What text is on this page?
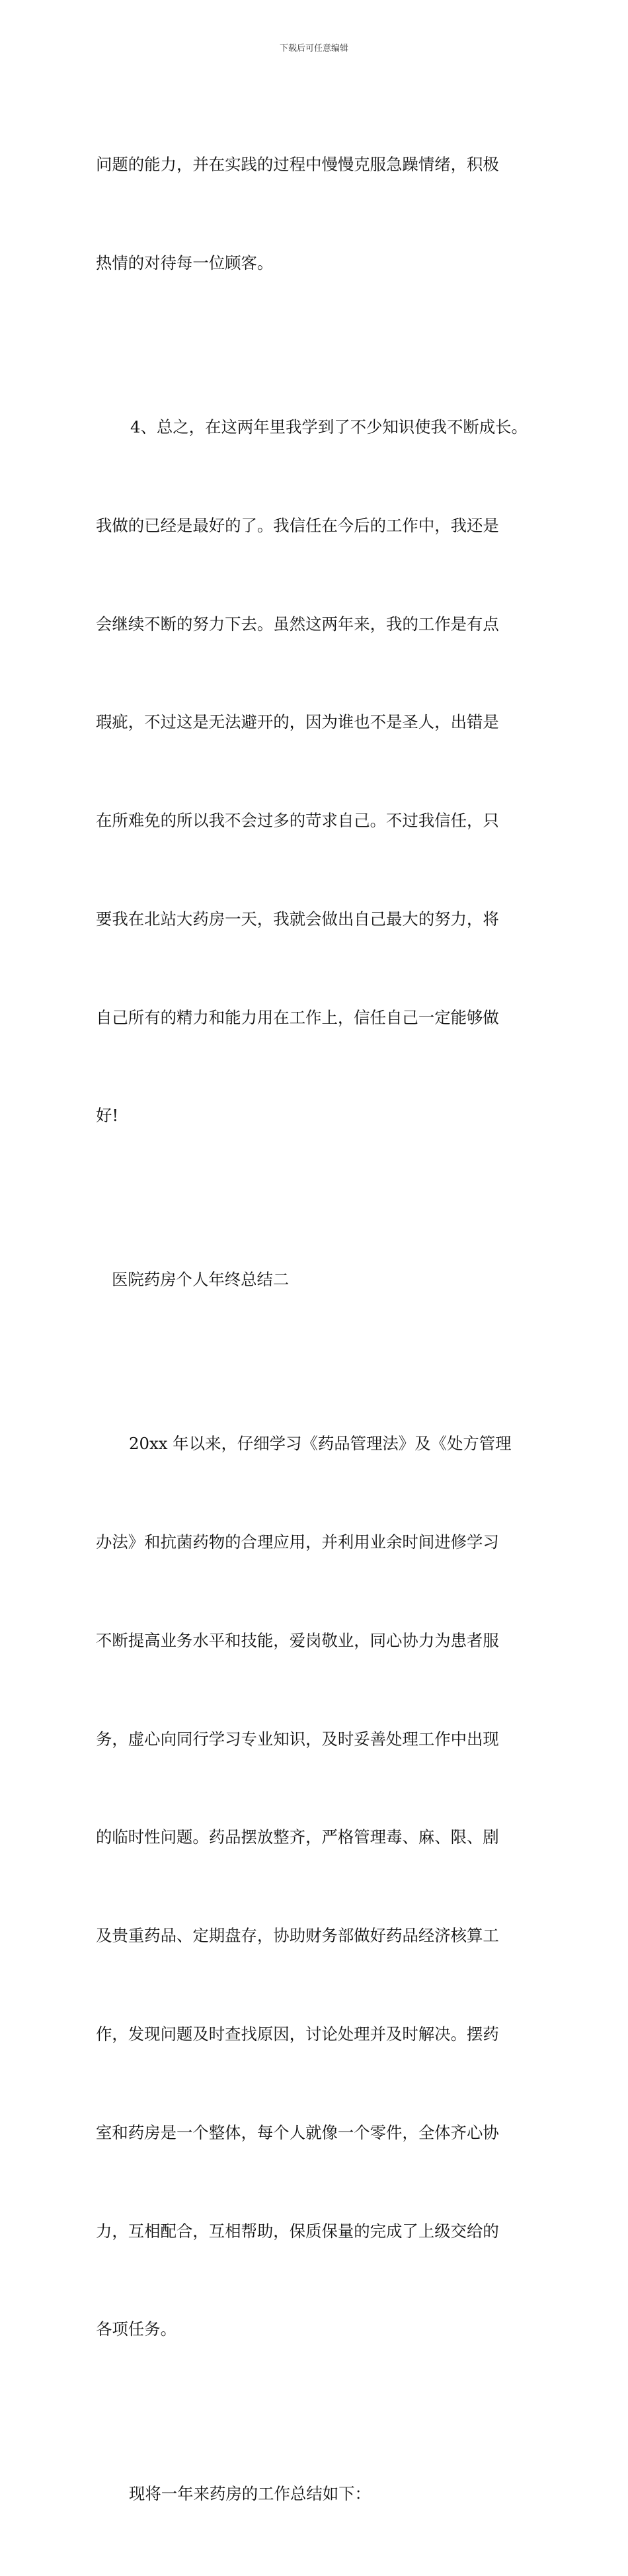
下载后可任意编辑

问题的能力，并在实践的过程中慢慢克服急躁情绪，积极

热情的对待每一位顾客。

4、总之，在这两年里我学到了不少知识使我不断成长。

我做的已经是最好的了。我信任在今后的工作中，我还是

会继续不断的努力下去。虽然这两年来，我的工作是有点

瑕疵，不过这是无法避开的，因为谁也不是圣人，出错是

在所难免的所以我不会过多的苛求自己。不过我信任，只

要我在北站大药房一天，我就会做出自己最大的努力，将

自己所有的精力和能力用在工作上，信任自己一定能够做

好!

医院药房个人年终总结二

20xx 年以来，仔细学习《药品管理法》及《处方管理

办法》和抗菌药物的合理应用，并利用业余时间进修学习

不断提高业务水平和技能，爱岗敬业，同心协力为患者服

务，虚心向同行学习专业知识，及时妥善处理工作中出现

的临时性问题。药品摆放整齐，严格管理毒、麻、限、剧

及贵重药品、定期盘存，协助财务部做好药品经济核算工

作，发现问题及时查找原因，讨论处理并及时解决。摆药

室和药房是一个整体，每个人就像一个零件，全体齐心协

力，互相配合，互相帮助，保质保量的完成了上级交给的

各项任务。

现将一年来药房的工作总结如下：
